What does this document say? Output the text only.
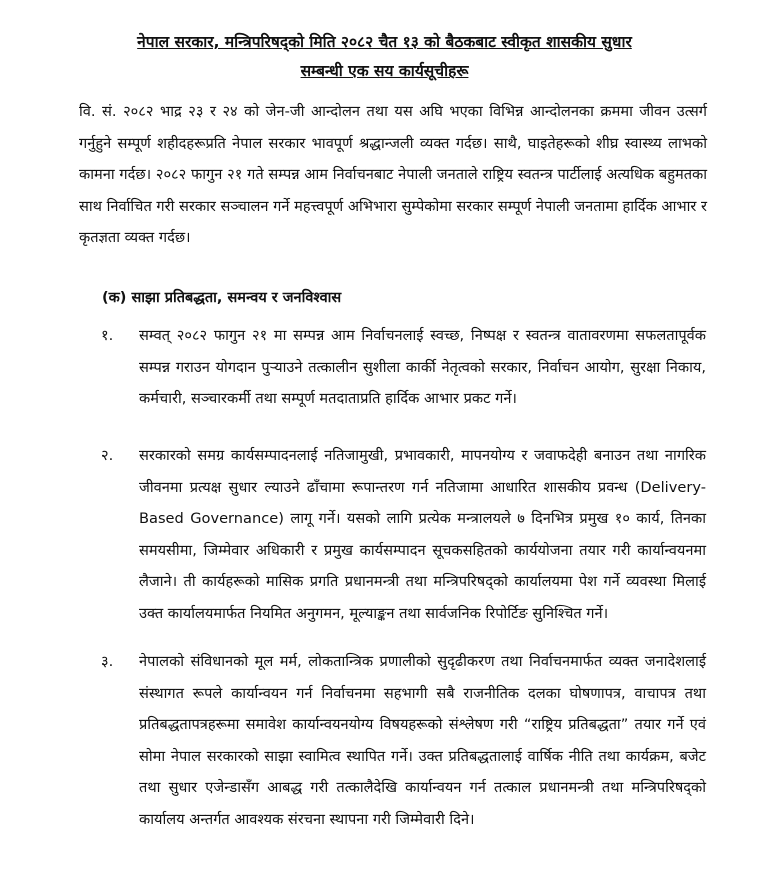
नेपाल सरकार, मन्त्रिपरिषद्को मिति २०८२ चैत १३ को बैठकबाट स्वीकृत शासकीय सुधार
सम्बन्धी एक सय कार्यसूचीहरू

वि. सं. २०८२ भाद्र २३ र २४ को जेन-जी आन्दोलन तथा यस अघि भएका विभिन्न आन्दोलनका क्रममा जीवन उत्सर्ग गर्नुहुने सम्पूर्ण शहीदहरूप्रति नेपाल सरकार भावपूर्ण श्रद्धान्जली व्यक्त गर्दछ। साथै, घाइतेहरूको शीघ्र स्वास्थ्य लाभको कामना गर्दछ। २०८२ फागुन २१ गते सम्पन्न आम निर्वाचनबाट नेपाली जनताले राष्ट्रिय स्वतन्त्र पार्टीलाई अत्यधिक बहुमतका साथ निर्वाचित गरी सरकार सञ्चालन गर्ने महत्त्वपूर्ण अभिभारा सुम्पेकोमा सरकार सम्पूर्ण नेपाली जनतामा हार्दिक आभार र कृतज्ञता व्यक्त गर्दछ।

(क) साझा प्रतिबद्धता, समन्वय र जनविश्वास
१.	सम्वत् २०८२ फागुन २१ मा सम्पन्न आम निर्वाचनलाई स्वच्छ, निष्पक्ष र स्वतन्त्र वातावरणमा सफलतापूर्वक सम्पन्न गराउन योगदान पुऱ्याउने तत्कालीन सुशीला कार्की नेतृत्वको सरकार, निर्वाचन आयोग, सुरक्षा निकाय, कर्मचारी, सञ्चारकर्मी तथा सम्पूर्ण मतदाताप्रति हार्दिक आभार प्रकट गर्ने।
२.	सरकारको समग्र कार्यसम्पादनलाई नतिजामुखी, प्रभावकारी, मापनयोग्य र जवाफदेही बनाउन तथा नागरिक जीवनमा प्रत्यक्ष सुधार ल्याउने ढाँचामा रूपान्तरण गर्न नतिजामा आधारित शासकीय प्रवन्ध (Delivery-Based Governance) लागू गर्ने। यसको लागि प्रत्येक मन्त्रालयले ७ दिनभित्र प्रमुख १० कार्य, तिनका समयसीमा, जिम्मेवार अधिकारी र प्रमुख कार्यसम्पादन सूचकसहितको कार्ययोजना तयार गरी कार्यान्वयनमा लैजाने। ती कार्यहरूको मासिक प्रगति प्रधानमन्त्री तथा मन्त्रिपरिषद्को कार्यालयमा पेश गर्ने व्यवस्था मिलाई उक्त कार्यालयमार्फत नियमित अनुगमन, मूल्याङ्कन तथा सार्वजनिक रिपोर्टिङ सुनिश्चित गर्ने।
३.	नेपालको संविधानको मूल मर्म, लोकतान्त्रिक प्रणालीको सुदृढीकरण तथा निर्वाचनमार्फत व्यक्त जनादेशलाई संस्थागत रूपले कार्यान्वयन गर्न निर्वाचनमा सहभागी सबै राजनीतिक दलका घोषणापत्र, वाचापत्र तथा प्रतिबद्धतापत्रहरूमा समावेश कार्यान्वयनयोग्य विषयहरूको संश्लेषण गरी “राष्ट्रिय प्रतिबद्धता” तयार गर्ने एवं सोमा नेपाल सरकारको साझा स्वामित्व स्थापित गर्ने। उक्त प्रतिबद्धतालाई वार्षिक नीति तथा कार्यक्रम, बजेट तथा सुधार एजेन्डासँग आबद्ध गरी तत्कालैदेखि कार्यान्वयन गर्न तत्काल प्रधानमन्त्री तथा मन्त्रिपरिषद्को कार्यालय अन्तर्गत आवश्यक संरचना स्थापना गरी जिम्मेवारी दिने।
